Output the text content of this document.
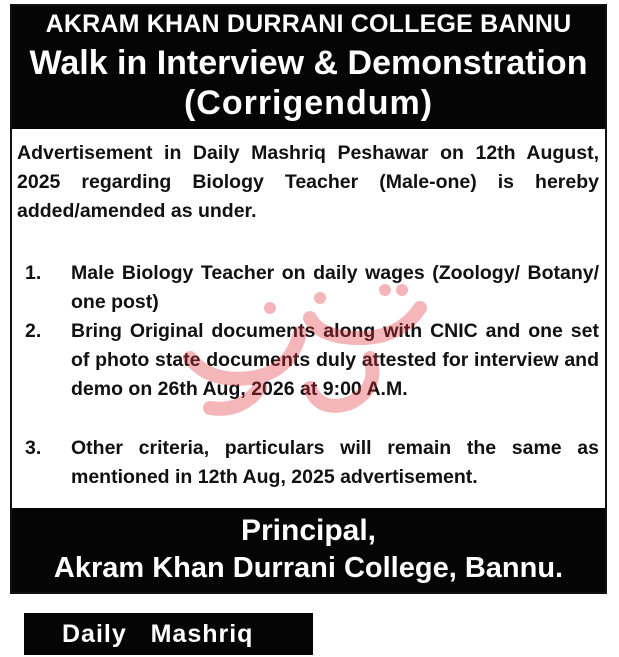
AKRAM KHAN DURRANI COLLEGE BANNU
Walk in Interview & Demonstration
(Corrigendum)
Advertisement in Daily Mashriq Peshawar on 12th August, 2025 regarding Biology Teacher (Male-one) is hereby added/amended as under.
1. Male Biology Teacher on daily wages (Zoology/ Botany/ one post)
2. Bring Original documents along with CNIC and one set of photo state documents duly attested for interview and demo on 26th Aug, 2026 at 9:00 A.M.
3. Other criteria, particulars will remain the same as mentioned in 12th Aug, 2025 advertisement.
Principal,
Akram Khan Durrani College, Bannu.
Daily   Mashriq
